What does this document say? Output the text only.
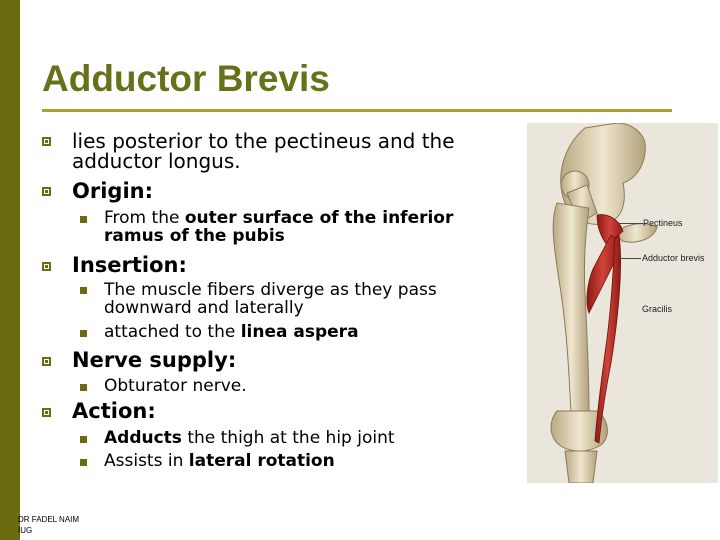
Adductor Brevis
lies posterior to the pectineus and the adductor longus.
Origin:
From the outer surface of the inferior ramus of the pubis
Insertion:
The muscle fibers diverge as they pass downward and laterally
attached to the linea aspera
Nerve supply:
Obturator nerve.
Action:
Adducts the thigh at the hip joint
Assists in lateral rotation
DR FADEL NAIM
IUG
Pectineus
Adductor brevis
Gracilis
